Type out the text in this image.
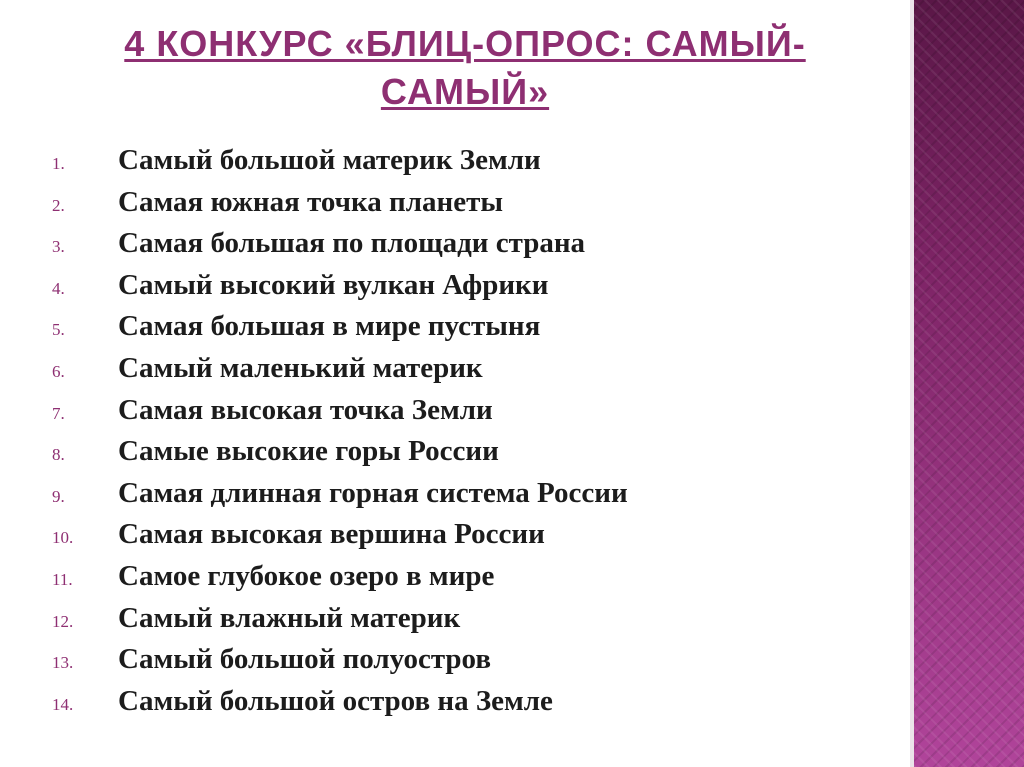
4 КОНКУРС «БЛИЦ-ОПРОС: САМЫЙ-
САМЫЙ»
1.	Самый большой материк Земли
2.	Самая южная точка планеты
3.	Самая большая по площади страна
4.	Самый высокий вулкан Африки
5.	Самая большая в мире пустыня
6.	Самый маленький материк
7.	Самая высокая точка Земли
8.	Самые высокие горы России
9.	Самая длинная горная система России
10.	Самая высокая вершина России
11.	Самое глубокое озеро в мире
12.	Самый влажный материк
13.	Самый большой полуостров
14.	Самый большой остров на Земле
